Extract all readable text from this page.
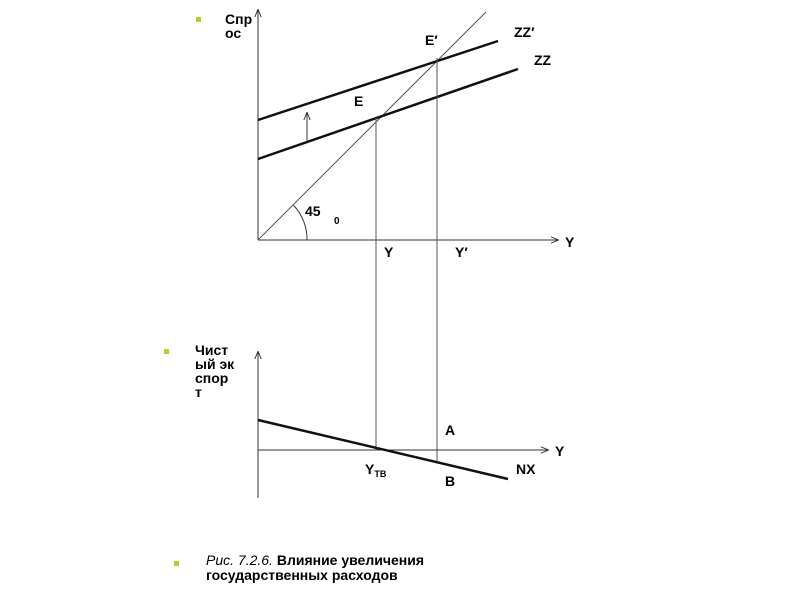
Спрос
Чистый экспорт
Рис. 7.2.6. Влияние увеличения государственных расходов
45
0
ZZ
ZZ′
E
E′
Y
Y	Y′
Y
NX
A
B
$Y_{ТВ}$
